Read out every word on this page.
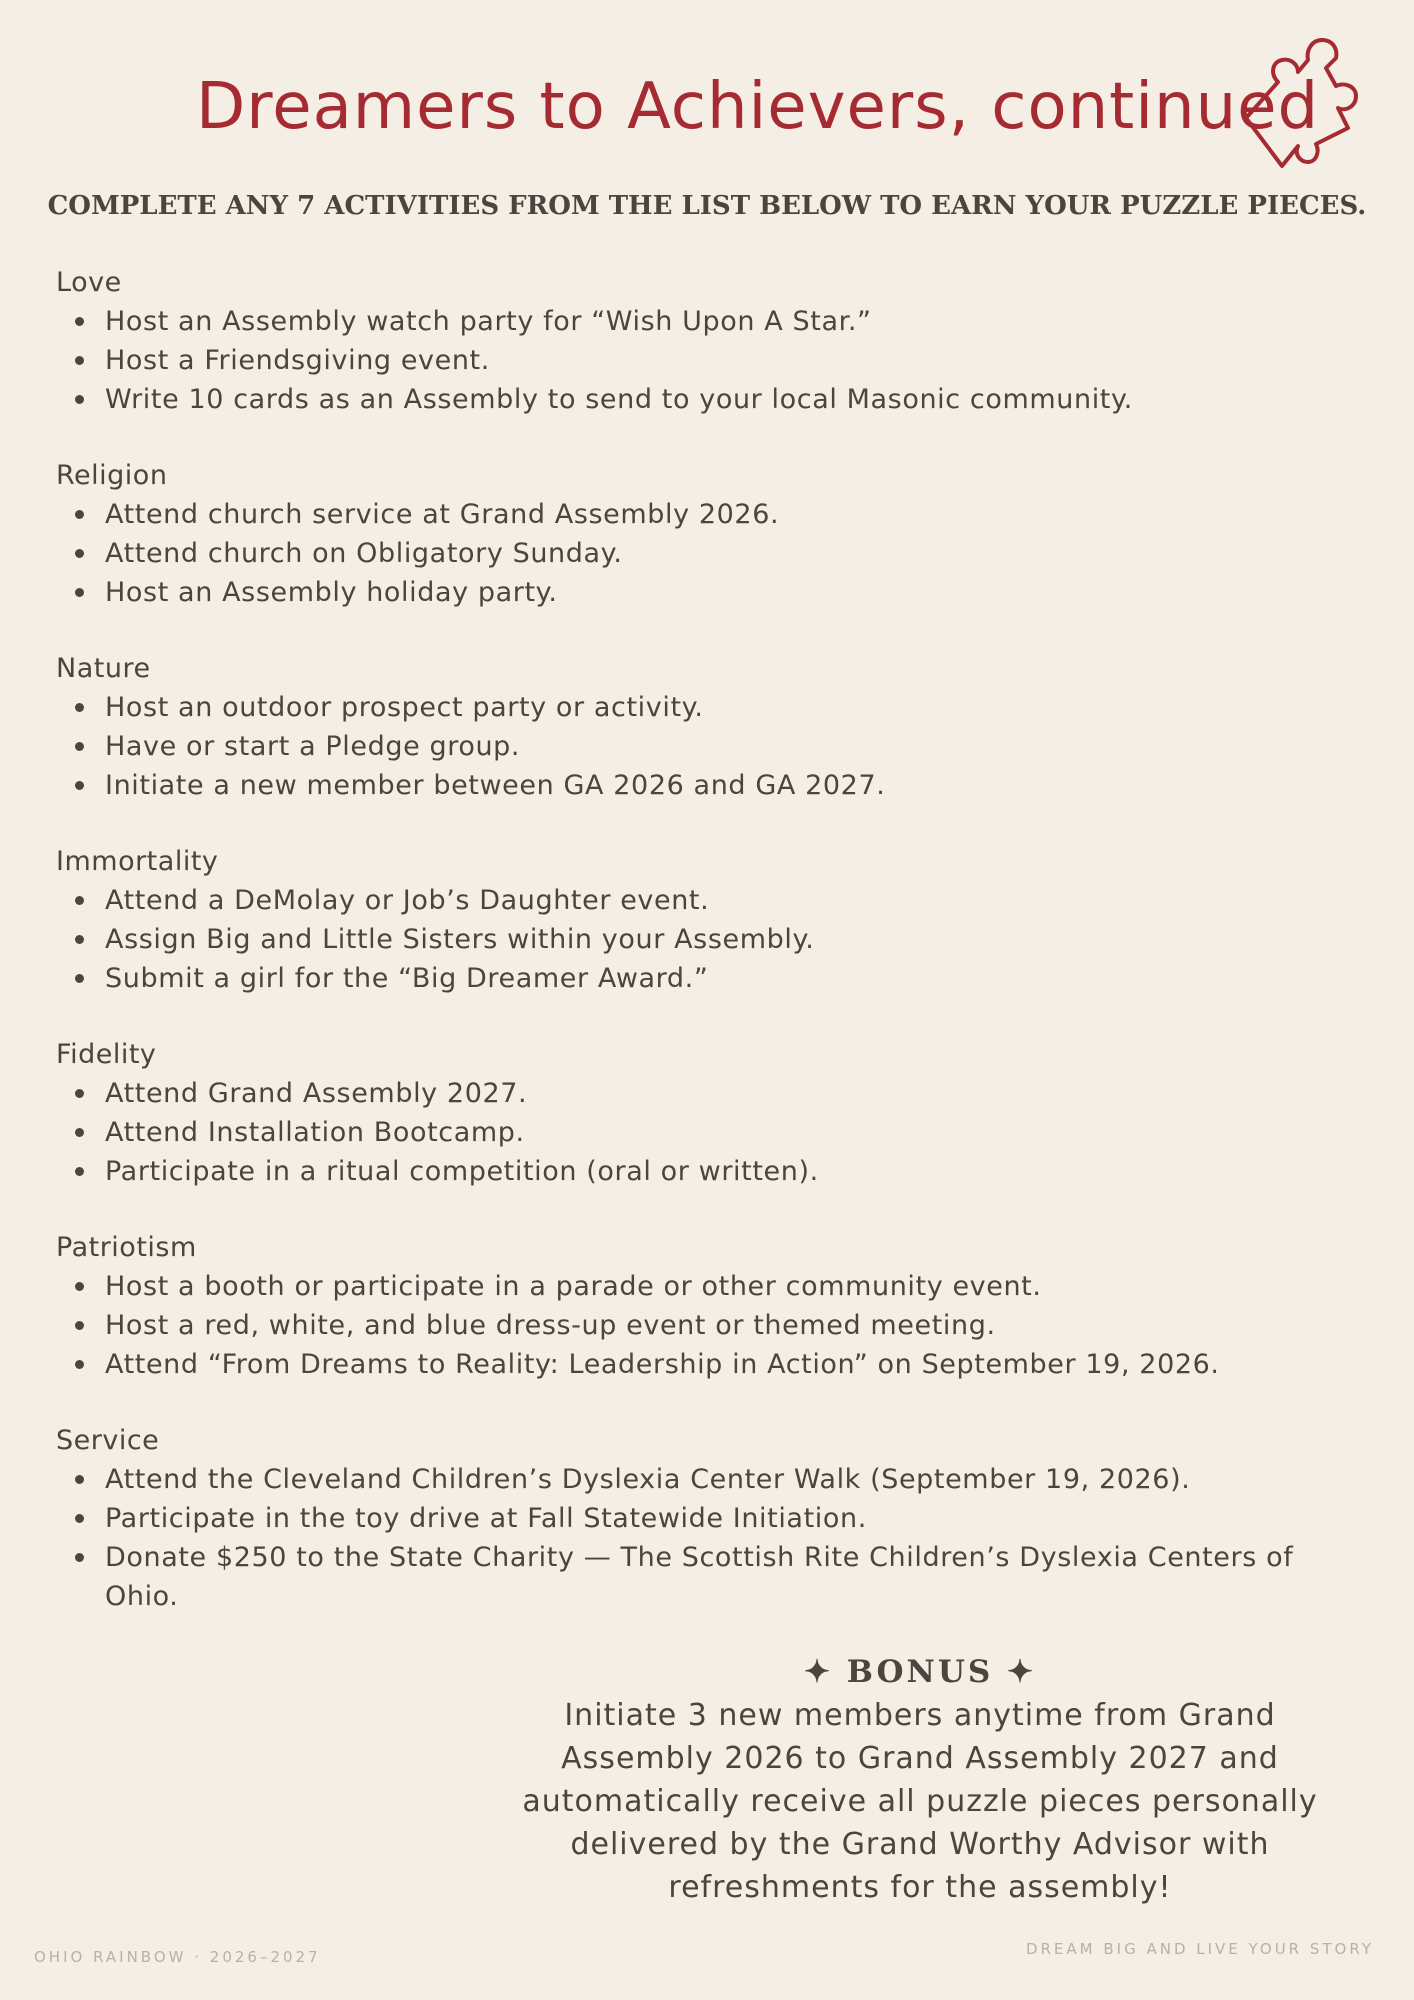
Dreamers to Achievers, continued

COMPLETE ANY 7 ACTIVITIES FROM THE LIST BELOW TO EARN YOUR PUZZLE PIECES.

Love
Host an Assembly watch party for “Wish Upon A Star.”
Host a Friendsgiving event.
Write 10 cards as an Assembly to send to your local Masonic community.
Religion
Attend church service at Grand Assembly 2026.
Attend church on Obligatory Sunday.
Host an Assembly holiday party.
Nature
Host an outdoor prospect party or activity.
Have or start a Pledge group.
Initiate a new member between GA 2026 and GA 2027.
Immortality
Attend a DeMolay or Job’s Daughter event.
Assign Big and Little Sisters within your Assembly.
Submit a girl for the “Big Dreamer Award.”
Fidelity
Attend Grand Assembly 2027.
Attend Installation Bootcamp.
Participate in a ritual competition (oral or written).
Patriotism
Host a booth or participate in a parade or other community event.
Host a red, white, and blue dress-up event or themed meeting.
Attend “From Dreams to Reality: Leadership in Action” on September 19, 2026.
Service
Attend the Cleveland Children’s Dyslexia Center Walk (September 19, 2026).
Participate in the toy drive at Fall Statewide Initiation.
Donate $250 to the State Charity — The Scottish Rite Children’s Dyslexia Centers of Ohio.
✦ BONUS ✦

Initiate 3 new members anytime from Grand Assembly 2026 to Grand Assembly 2027 and automatically receive all puzzle pieces personally delivered by the Grand Worthy Advisor with refreshments for the assembly!

OHIO RAINBOW · 2026–2027	DREAM BIG AND LIVE YOUR STORY
